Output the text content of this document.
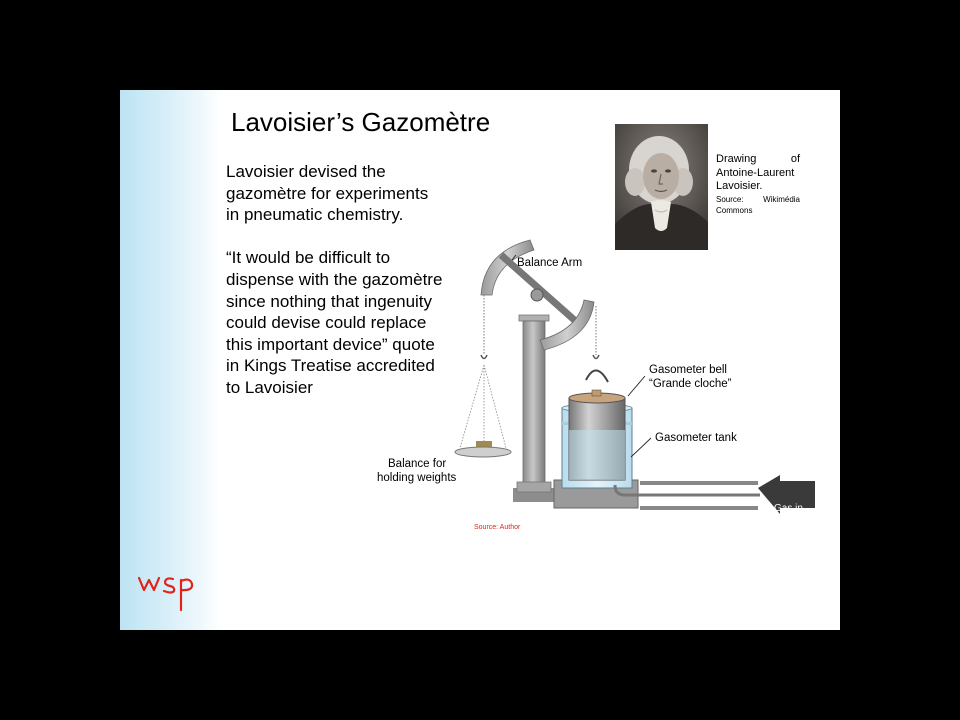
Lavoisier’s Gazomètre

Lavoisier devised the gazomètre for experiments in pneumatic chemistry.

“It would be difficult to dispense with the gazomètre since nothing that ingenuity could devise could replace this important device” quote in Kings Treatise accredited to Lavoisier

Drawing of Antoine-Laurent Lavoisier.
Source: Wikimédia Commons
Balance Arm
Gasometer bell
“Grande cloche”
Gasometer tank
Balance for
holding weights
Gas in
Source: Author
